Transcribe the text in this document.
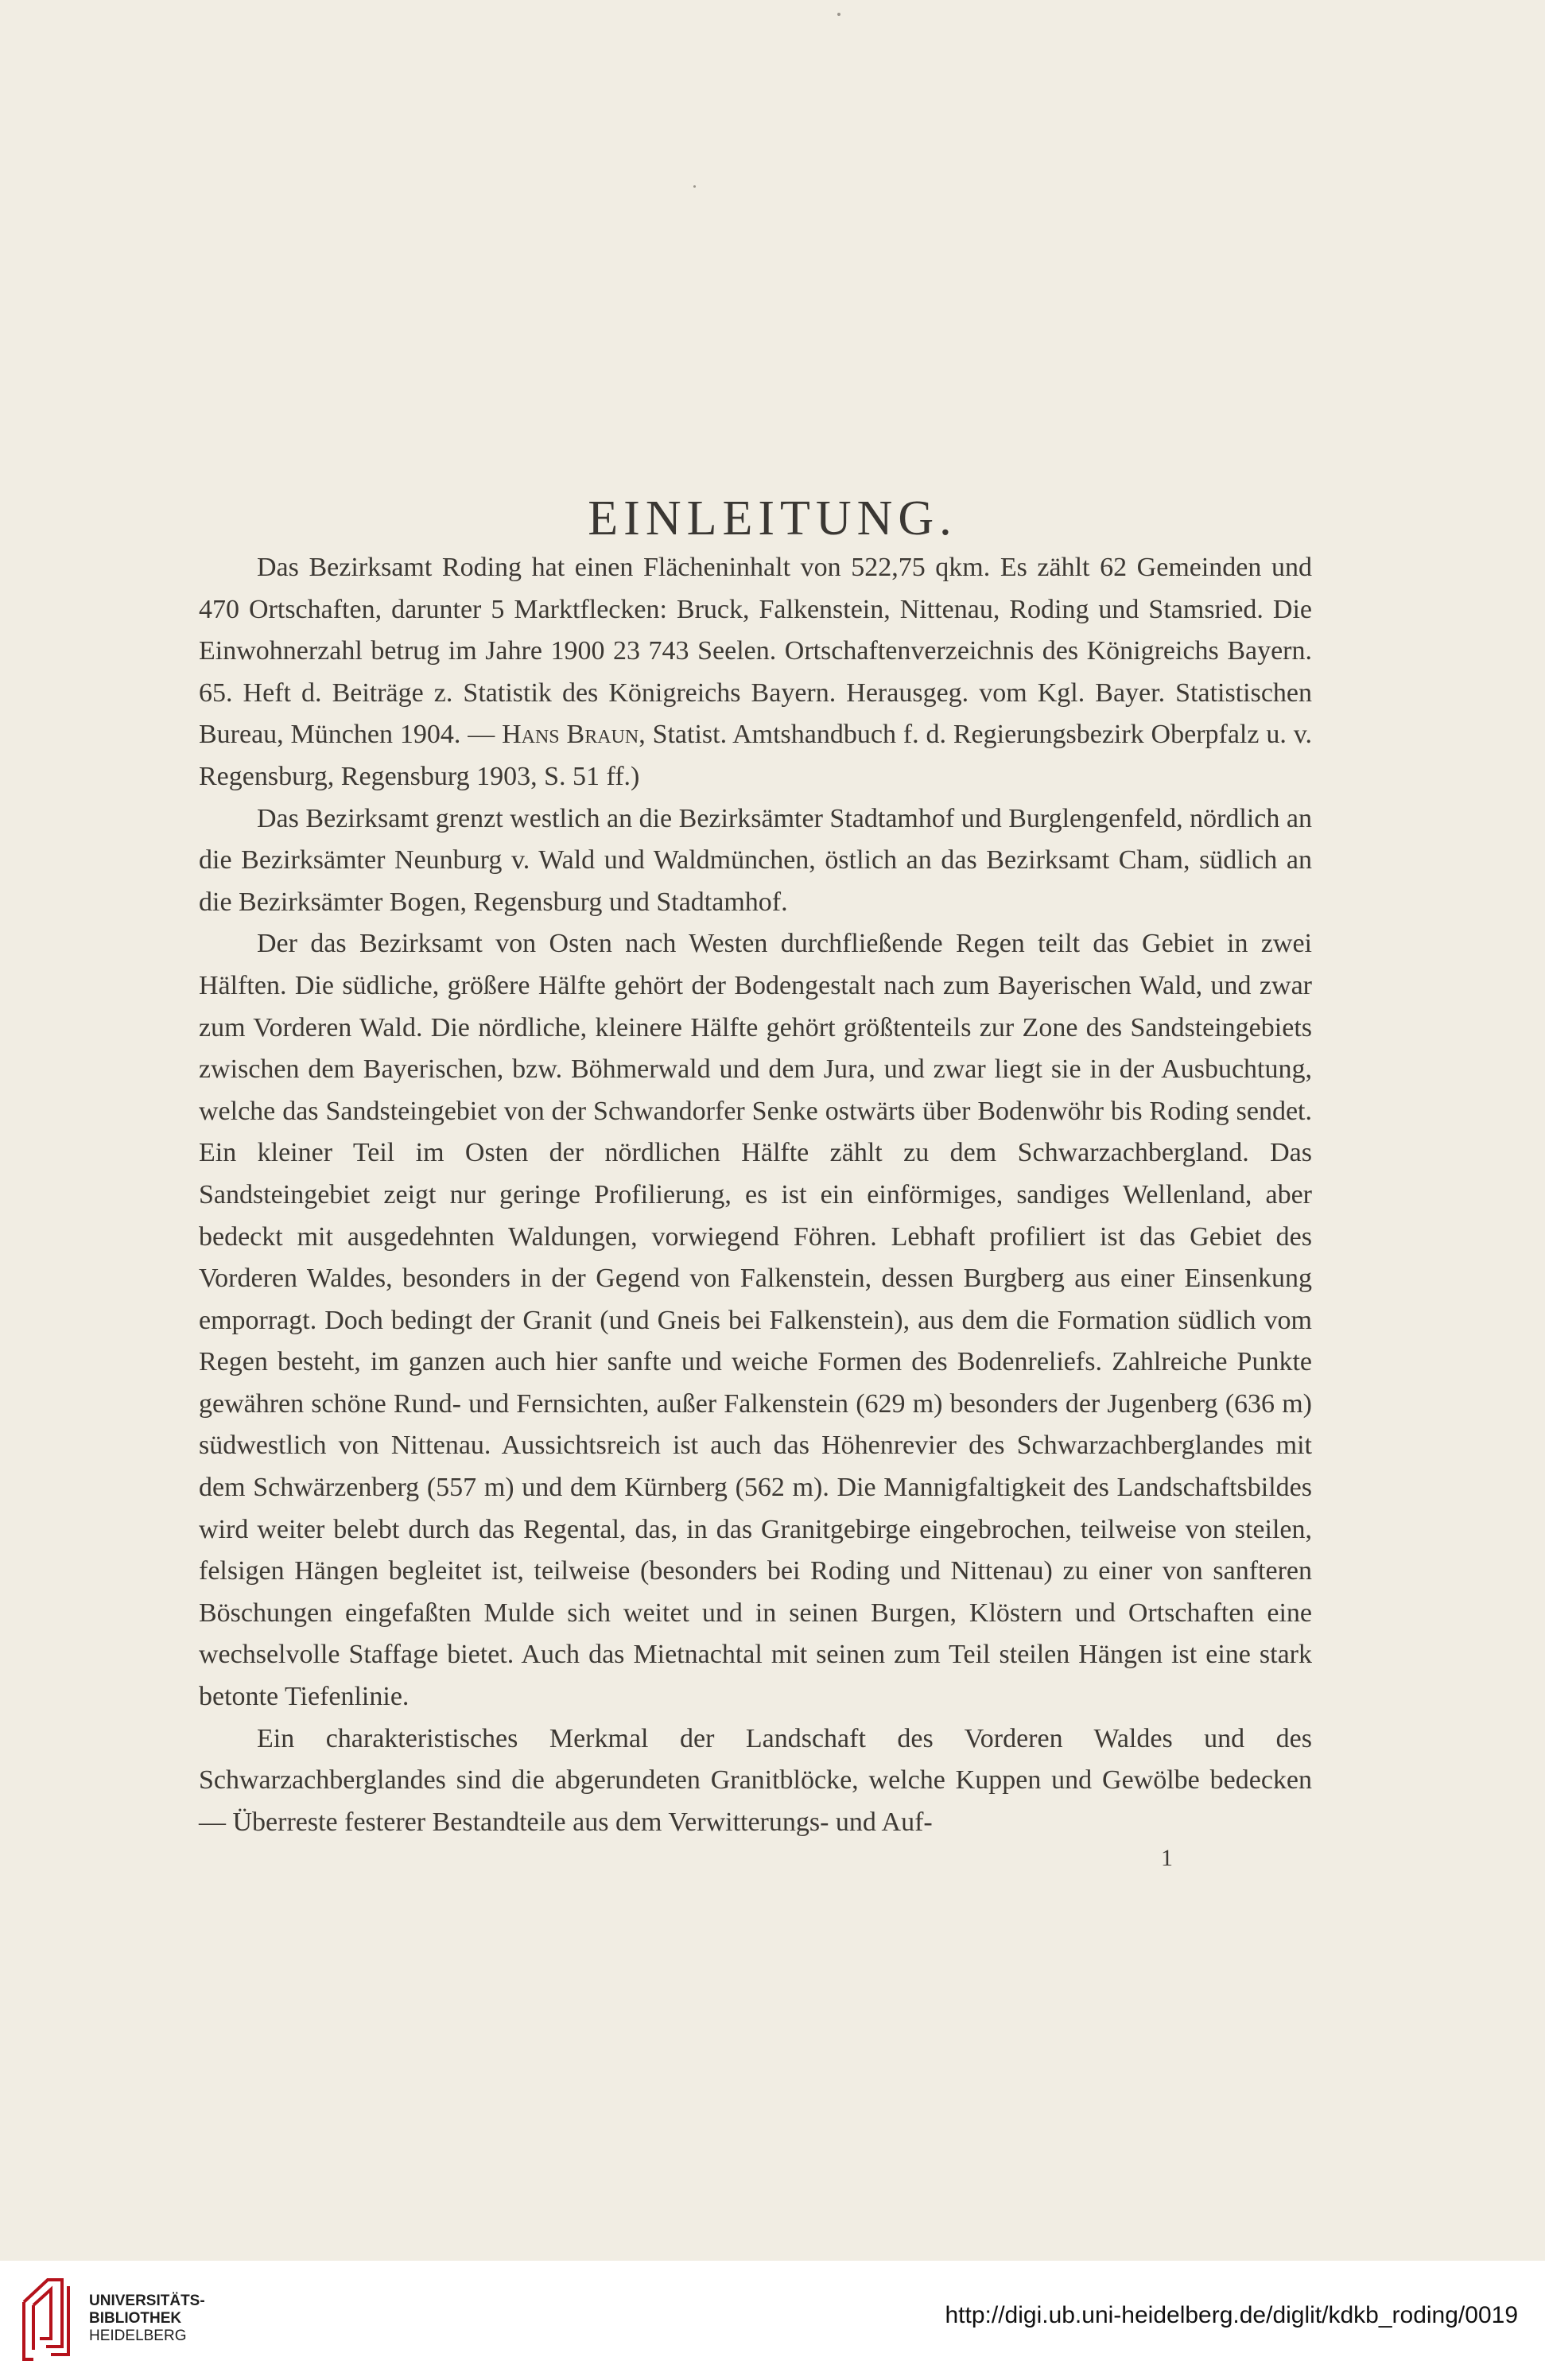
EINLEITUNG.

Das Bezirksamt Roding hat einen Flächeninhalt von 522,75 qkm. Es zählt 62 Gemeinden und 470 Ortschaften, darunter 5 Marktflecken: Bruck, Falkenstein, Nittenau, Roding und Stamsried. Die Einwohnerzahl betrug im Jahre 1900 23 743 Seelen. Ortschaftenverzeichnis des Königreichs Bayern. 65. Heft d. Beiträge z. Statistik des Königreichs Bayern. Herausgeg. vom Kgl. Bayer. Statistischen Bureau, München 1904. — Hans Braun, Statist. Amtshandbuch f. d. Regierungsbezirk Oberpfalz u. v. Regensburg, Regensburg 1903, S. 51 ff.)

Das Bezirksamt grenzt westlich an die Bezirksämter Stadtamhof und Burglengenfeld, nördlich an die Bezirksämter Neunburg v. Wald und Waldmünchen, östlich an das Bezirksamt Cham, südlich an die Bezirksämter Bogen, Regensburg und Stadtamhof.

Der das Bezirksamt von Osten nach Westen durchfließende Regen teilt das Gebiet in zwei Hälften. Die südliche, größere Hälfte gehört der Bodengestalt nach zum Bayerischen Wald, und zwar zum Vorderen Wald. Die nördliche, kleinere Hälfte gehört größtenteils zur Zone des Sandsteingebiets zwischen dem Bayerischen, bzw. Böhmerwald und dem Jura, und zwar liegt sie in der Ausbuchtung, welche das Sandsteingebiet von der Schwandorfer Senke ostwärts über Bodenwöhr bis Roding sendet. Ein kleiner Teil im Osten der nördlichen Hälfte zählt zu dem Schwarzachbergland. Das Sandsteingebiet zeigt nur geringe Profilierung, es ist ein einförmiges, sandiges Wellenland, aber bedeckt mit ausgedehnten Waldungen, vorwiegend Föhren. Lebhaft profiliert ist das Gebiet des Vorderen Waldes, besonders in der Gegend von Falkenstein, dessen Burgberg aus einer Einsenkung emporragt. Doch bedingt der Granit (und Gneis bei Falkenstein), aus dem die Formation südlich vom Regen besteht, im ganzen auch hier sanfte und weiche Formen des Bodenreliefs. Zahlreiche Punkte gewähren schöne Rund- und Fernsichten, außer Falkenstein (629 m) besonders der Jugenberg (636 m) südwestlich von Nittenau. Aussichtsreich ist auch das Höhenrevier des Schwarzachberglandes mit dem Schwärzenberg (557 m) und dem Kürnberg (562 m). Die Mannigfaltigkeit des Landschaftsbildes wird weiter belebt durch das Regental, das, in das Granitgebirge eingebrochen, teilweise von steilen, felsigen Hängen begleitet ist, teilweise (besonders bei Roding und Nittenau) zu einer von sanfteren Böschungen eingefaßten Mulde sich weitet und in seinen Burgen, Klöstern und Ortschaften eine wechselvolle Staffage bietet. Auch das Mietnachtal mit seinen zum Teil steilen Hängen ist eine stark betonte Tiefenlinie.

Ein charakteristisches Merkmal der Landschaft des Vorderen Waldes und des Schwarzachberglandes sind die abgerundeten Granitblöcke, welche Kuppen und Gewölbe bedecken — Überreste festerer Bestandteile aus dem Verwitterungs- und Auf-

1
UNIVERSITÄTS-
BIBLIOTHEK
HEIDELBERG
http://digi.ub.uni-heidelberg.de/diglit/kdkb_roding/0019
